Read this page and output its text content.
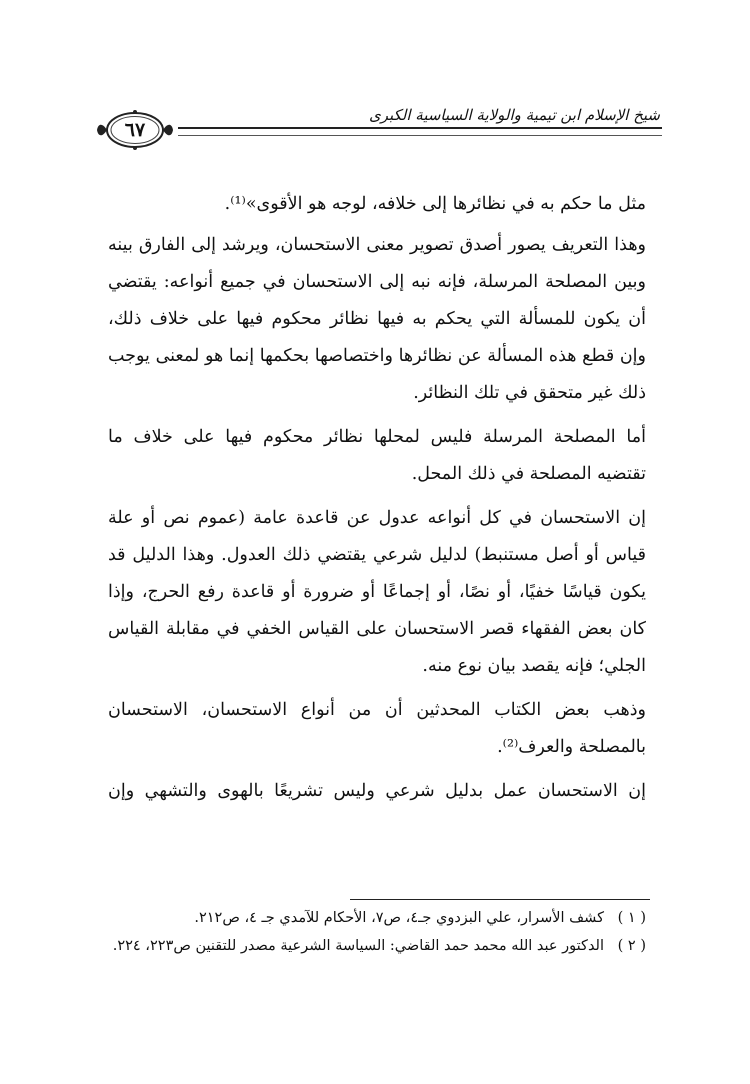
شيخ الإسلام ابن تيمية والولاية السياسية الكبرى
٦٧

مثل ما حكم به في نظائرها إلى خلافه، لوجه هو الأقوى»⁽¹⁾.

وهذا التعريف يصور أصدق تصوير معنى الاستحسان، ويرشد إلى الفارق بينه وبين المصلحة المرسلة، فإنه نبه إلى الاستحسان في جميع أنواعه: يقتضي أن يكون للمسألة التي يحكم به فيها نظائر محكوم فيها على خلاف ذلك، وإن قطع هذه المسألة عن نظائرها واختصاصها بحكمها إنما هو لمعنى يوجب ذلك غير متحقق في تلك النظائر.

أما المصلحة المرسلة فليس لمحلها نظائر محكوم فيها على خلاف ما تقتضيه المصلحة في ذلك المحل.

إن الاستحسان في كل أنواعه عدول عن قاعدة عامة (عموم نص أو علة قياس أو أصل مستنبط) لدليل شرعي يقتضي ذلك العدول. وهذا الدليل قد يكون قياسًا خفيًا، أو نصًا، أو إجماعًا أو ضرورة أو قاعدة رفع الحرج، وإذا كان بعض الفقهاء قصر الاستحسان على القياس الخفي في مقابلة القياس الجلي؛ فإنه يقصد بيان نوع منه.

وذهب بعض الكتاب المحدثين أن من أنواع الاستحسان، الاستحسان بالمصلحة والعرف⁽²⁾.

إن الاستحسان عمل بدليل شرعي وليس تشريعًا بالهوى والتشهي وإن

( ١ )
كشف الأسرار، علي البزدوي جـ٤، ص٧، الأحكام للآمدي جـ ٤، ص٢١٢.
( ٢ )
الدكتور عبد الله محمد حمد القاضي: السياسة الشرعية مصدر للتقنين ص٢٢٣، ٢٢٤.
